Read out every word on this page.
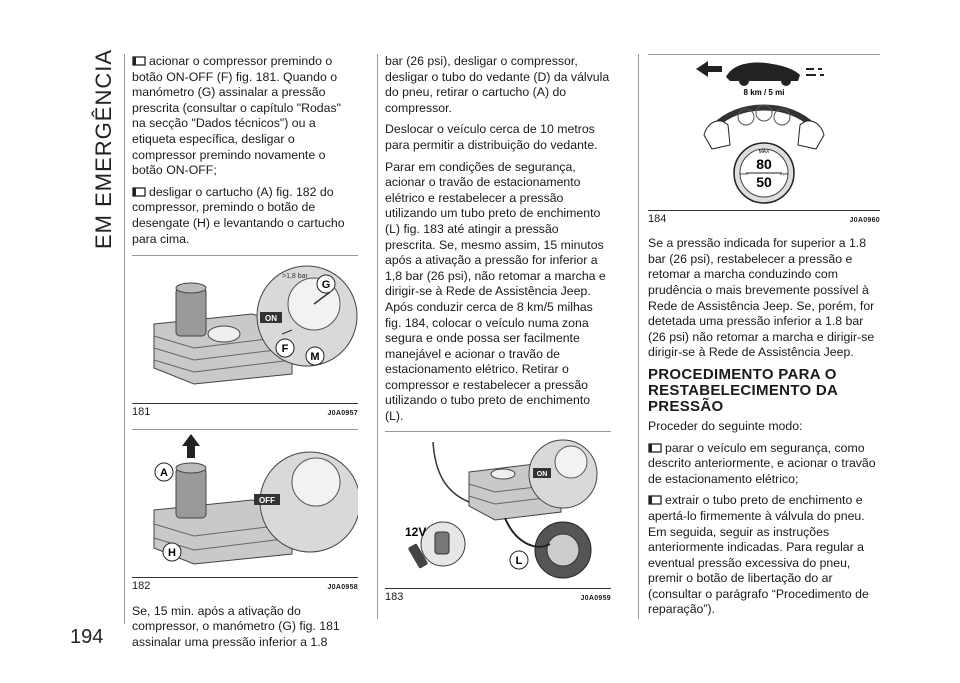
EM EMERGÊNCIA
194

acionar o compressor premindo o botão ON-OFF (F) fig. 181. Quando o manómetro (G) assinalar a pressão prescrita (consultar o capítulo "Rodas" na secção "Dados técnicos") ou a etiqueta específica, desligar o compressor premindo novamente o botão ON-OFF;

desligar o cartucho (A) fig. 182 do compressor, premindo o botão de desengate (H) e levantando o cartucho para cima.

ON
>1,8 bar
G
F
M
181	J0A0957
OFF
A
H
182	J0A0958

Se, 15 min. após a ativação do compressor, o manómetro (G) fig. 181 assinalar uma pressão inferior a 1.8

bar (26 psi), desligar o compressor, desligar o tubo do vedante (D) da válvula do pneu, retirar o cartucho (A) do compressor.

Deslocar o veículo cerca de 10 metros para permitir a distribuição do vedante.

Parar em condições de segurança, acionar o travão de estacionamento elétrico e restabelecer a pressão utilizando um tubo preto de enchimento (L) fig. 183 até atingir a pressão prescrita. Se, mesmo assim, 15 minutos após a ativação a pressão for inferior a 1,8 bar (26 psi), não retomar a marcha e dirigir-se à Rede de Assistência Jeep. Após conduzir cerca de 8 km/5 milhas fig. 184, colocar o veículo numa zona segura e onde possa ser facilmente manejável e acionar o travão de estacionamento elétrico. Retirar o compressor e restabelecer a pressão utilizando o tubo preto de enchimento (L).

ON
12V
L
183	J0A0959
8 km / 5 mi
MAX
80
km/h
50
mph
184	J0A0960

Se a pressão indicada for superior a 1.8 bar (26 psi), restabelecer a pressão e retomar a marcha conduzindo com prudência o mais brevemente possível à Rede de Assistência Jeep. Se, porém, for detetada uma pressão inferior a 1.8 bar (26 psi) não retomar a marcha e dirigir-se dirigir-se à Rede de Assistência Jeep.

PROCEDIMENTO PARA O RESTABELECIMENTO DA PRESSÃO

Proceder do seguinte modo:

parar o veículo em segurança, como descrito anteriormente, e acionar o travão de estacionamento elétrico;

extrair o tubo preto de enchimento e apertá-lo firmemente à válvula do pneu. Em seguida, seguir as instruções anteriormente indicadas. Para regular a eventual pressão excessiva do pneu, premir o botão de libertação do ar (consultar o parágrafo “Procedimento de reparação”).
